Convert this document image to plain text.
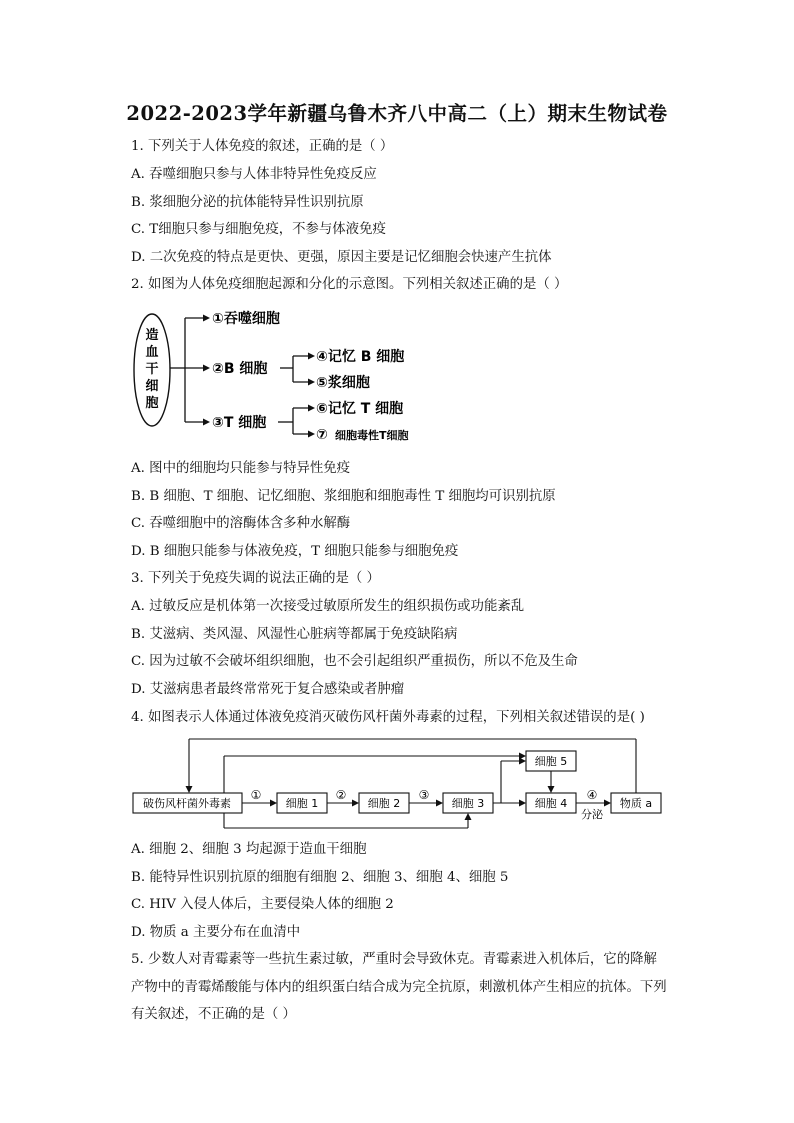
2022-2023学年新疆乌鲁木齐八中高二（上）期末生物试卷
1. 下列关于人体免疫的叙述，正确的是（ ）
A. 吞噬细胞只参与人体非特异性免疫反应
B. 浆细胞分泌的抗体能特异性识别抗原
C. T细胞只参与细胞免疫，不参与体液免疫
D. 二次免疫的特点是更快、更强，原因主要是记忆细胞会快速产生抗体
2. 如图为人体免疫细胞起源和分化的示意图。下列相关叙述正确的是（ ）
造
血
干
细
胞
①吞噬细胞
②B 细胞
③T 细胞
④记忆 B 细胞
⑤浆细胞
⑥记忆 T 细胞
⑦ 细胞毒性T细胞
A. 图中的细胞均只能参与特异性免疫
B. B 细胞、T 细胞、记忆细胞、浆细胞和细胞毒性 T 细胞均可识别抗原
C. 吞噬细胞中的溶酶体含多种水解酶
D. B 细胞只能参与体液免疫，T 细胞只能参与细胞免疫
3. 下列关于免疫失调的说法正确的是（ ）
A. 过敏反应是机体第一次接受过敏原所发生的组织损伤或功能紊乱
B. 艾滋病、类风湿、风湿性心脏病等都属于免疫缺陷病
C. 因为过敏不会破坏组织细胞，也不会引起组织严重损伤，所以不危及生命
D. 艾滋病患者最终常常死于复合感染或者肿瘤
4. 如图表示人体通过体液免疫消灭破伤风杆菌外毒素的过程，下列相关叙述错误的是( )
破伤风杆菌外毒素	细胞 1	细胞 2	细胞 3	细胞 4
细胞 5
物质 a
①	②	③	④
分泌
A. 细胞 2、细胞 3 均起源于造血干细胞
B. 能特异性识别抗原的细胞有细胞 2、细胞 3、细胞 4、细胞 5
C. HIV 入侵人体后，主要侵染人体的细胞 2
D. 物质 a 主要分布在血清中
5. 少数人对青霉素等一些抗生素过敏，严重时会导致休克。青霉素进入机体后，它的降解
产物中的青霉烯酸能与体内的组织蛋白结合成为完全抗原，刺激机体产生相应的抗体。下列
有关叙述，不正确的是（ ）
